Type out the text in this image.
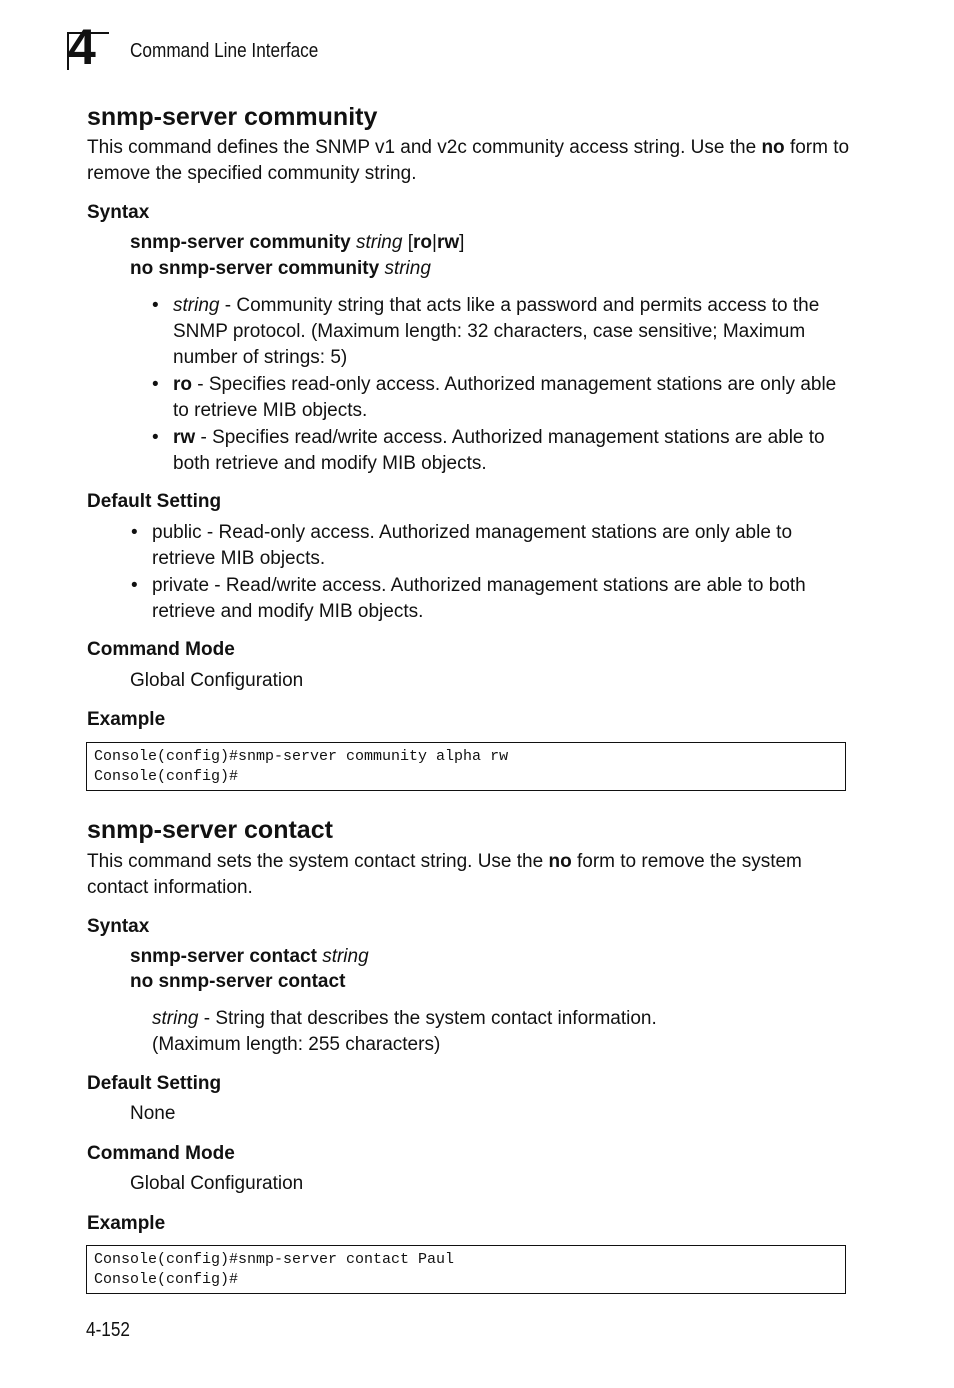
4 Command Line Interface
snmp-server community

This command defines the SNMP v1 and v2c community access string. Use the no form to remove the specified community string.

Syntax
snmp-server community string [ro|rw]
no snmp-server community string
• string - Community string that acts like a password and permits access to the SNMP protocol. (Maximum length: 32 characters, case sensitive; Maximum number of strings: 5)
• ro - Specifies read-only access. Authorized management stations are only able to retrieve MIB objects.
• rw - Specifies read/write access. Authorized management stations are able to both retrieve and modify MIB objects.
Default Setting
• public - Read-only access. Authorized management stations are only able to retrieve MIB objects.
• private - Read/write access. Authorized management stations are able to both retrieve and modify MIB objects.
Command Mode
Global Configuration
Example
Console(config)#snmp-server community alpha rw
Console(config)#
snmp-server contact

This command sets the system contact string. Use the no form to remove the system contact information.

Syntax
snmp-server contact string
no snmp-server contact
string - String that describes the system contact information.
(Maximum length: 255 characters)
Default Setting
None
Command Mode
Global Configuration
Example
Console(config)#snmp-server contact Paul
Console(config)#
4-152
